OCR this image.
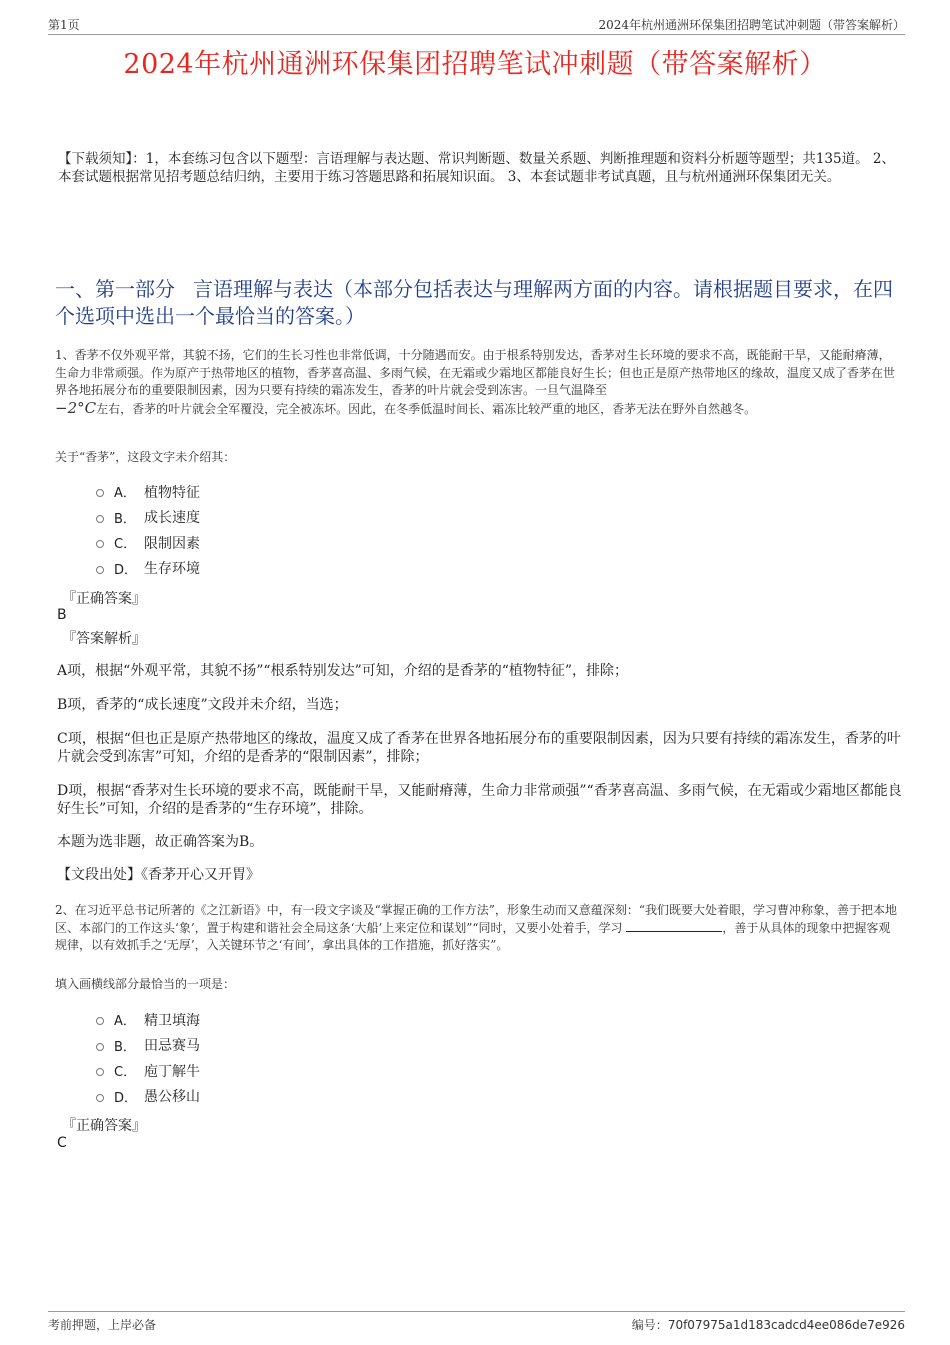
第1页	2024年杭州通洲环保集团招聘笔试冲刺题（带答案解析）
2024年杭州通洲环保集团招聘笔试冲刺题（带答案解析）
【下载须知】：1，本套练习包含以下题型：言语理解与表达题、常识判断题、数量关系题、判断推理题和资料分析题等题型；共135道。 2、本套试题根据常见招考题总结归纳，主要用于练习答题思路和拓展知识面。 3、本套试题非考试真题，且与杭州通洲环保集团无关。
一、第一部分 言语理解与表达（本部分包括表达与理解两方面的内容。请根据题目要求，在四个选项中选出一个最恰当的答案。）
1、香茅不仅外观平常，其貌不扬，它们的生长习性也非常低调，十分随遇而安。由于根系特别发达，香茅对生长环境的要求不高，既能耐干旱，又能耐瘠薄，生命力非常顽强。作为原产于热带地区的植物，香茅喜高温、多雨气候，在无霜或少霜地区都能良好生长；但也正是原产热带地区的缘故，温度又成了香茅在世界各地拓展分布的重要限制因素，因为只要有持续的霜冻发生，香茅的叶片就会受到冻害。一旦气温降至
−2°C左右，香茅的叶片就会全军覆没，完全被冻坏。因此，在冬季低温时间长、霜冻比较严重的地区，香茅无法在野外自然越冬。
关于“香茅”，这段文字未介绍其：
A． 植物特征
B． 成长速度
C． 限制因素
D． 生存环境
『正确答案』
B
『答案解析』
A项，根据“外观平常，其貌不扬”“根系特别发达”可知，介绍的是香茅的“植物特征”，排除；
B项，香茅的“成长速度”文段并未介绍，当选；
C项，根据“但也正是原产热带地区的缘故，温度又成了香茅在世界各地拓展分布的重要限制因素，因为只要有持续的霜冻发生，香茅的叶片就会受到冻害”可知，介绍的是香茅的“限制因素”，排除；
D项，根据“香茅对生长环境的要求不高，既能耐干旱，又能耐瘠薄，生命力非常顽强”“香茅喜高温、多雨气候，在无霜或少霜地区都能良好生长”可知，介绍的是香茅的“生存环境”，排除。
本题为选非题，故正确答案为B。
【文段出处】《香茅开心又开胃》
2、在习近平总书记所著的《之江新语》中，有一段文字谈及“掌握正确的工作方法”，形象生动而又意蕴深刻：“我们既要大处着眼，学习曹冲称象，善于把本地区、本部门的工作这头‘象’，置于构建和谐社会全局这条‘大船’上来定位和谋划”“同时，又要小处着手，学习	，善于从具体的现象中把握客观规律，以有效抓手之‘无厚’，入关键环节之‘有间’，拿出具体的工作措施，抓好落实”。
填入画横线部分最恰当的一项是：
A． 精卫填海
B． 田忌赛马
C． 庖丁解牛
D． 愚公移山
『正确答案』
C
考前押题，上岸必备	编号：70f07975a1d183cadcd4ee086de7e926
